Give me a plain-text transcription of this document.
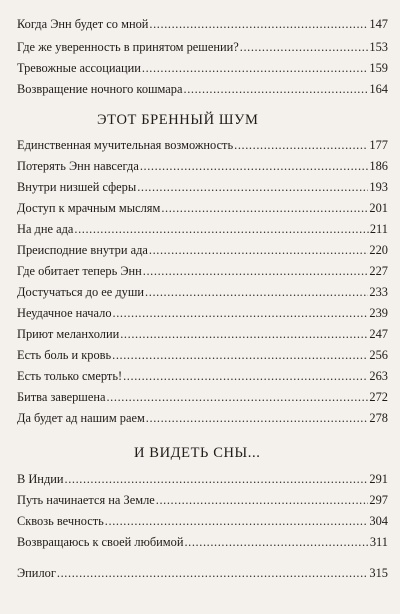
Когда Энн будет со мной .....	147
Где же уверенность в принятом решении? .....	153
Тревожные ассоциации .....	159
Возвращение ночного кошмара .....	164
ЭТОТ БРЕННЫЙ ШУМ
Единственная мучительная возможность .....	177
Потерять Энн навсегда .....	186
Внутри низшей сферы .....	193
Доступ к мрачным мыслям .....	201
На дне ада .....	211
Преисподние внутри ада .....	220
Где обитает теперь Энн .....	227
Достучаться до ее души .....	233
Неудачное начало .....	239
Приют меланхолии .....	247
Есть боль и кровь .....	256
Есть только смерть! .....	263
Битва завершена .....	272
Да будет ад нашим раем .....	278
И ВИДЕТЬ СНЫ...
В Индии .....	291
Путь начинается на Земле .....	297
Сквозь вечность .....	304
Возвращаюсь к своей любимой .....	311
Эпилог .....	315
